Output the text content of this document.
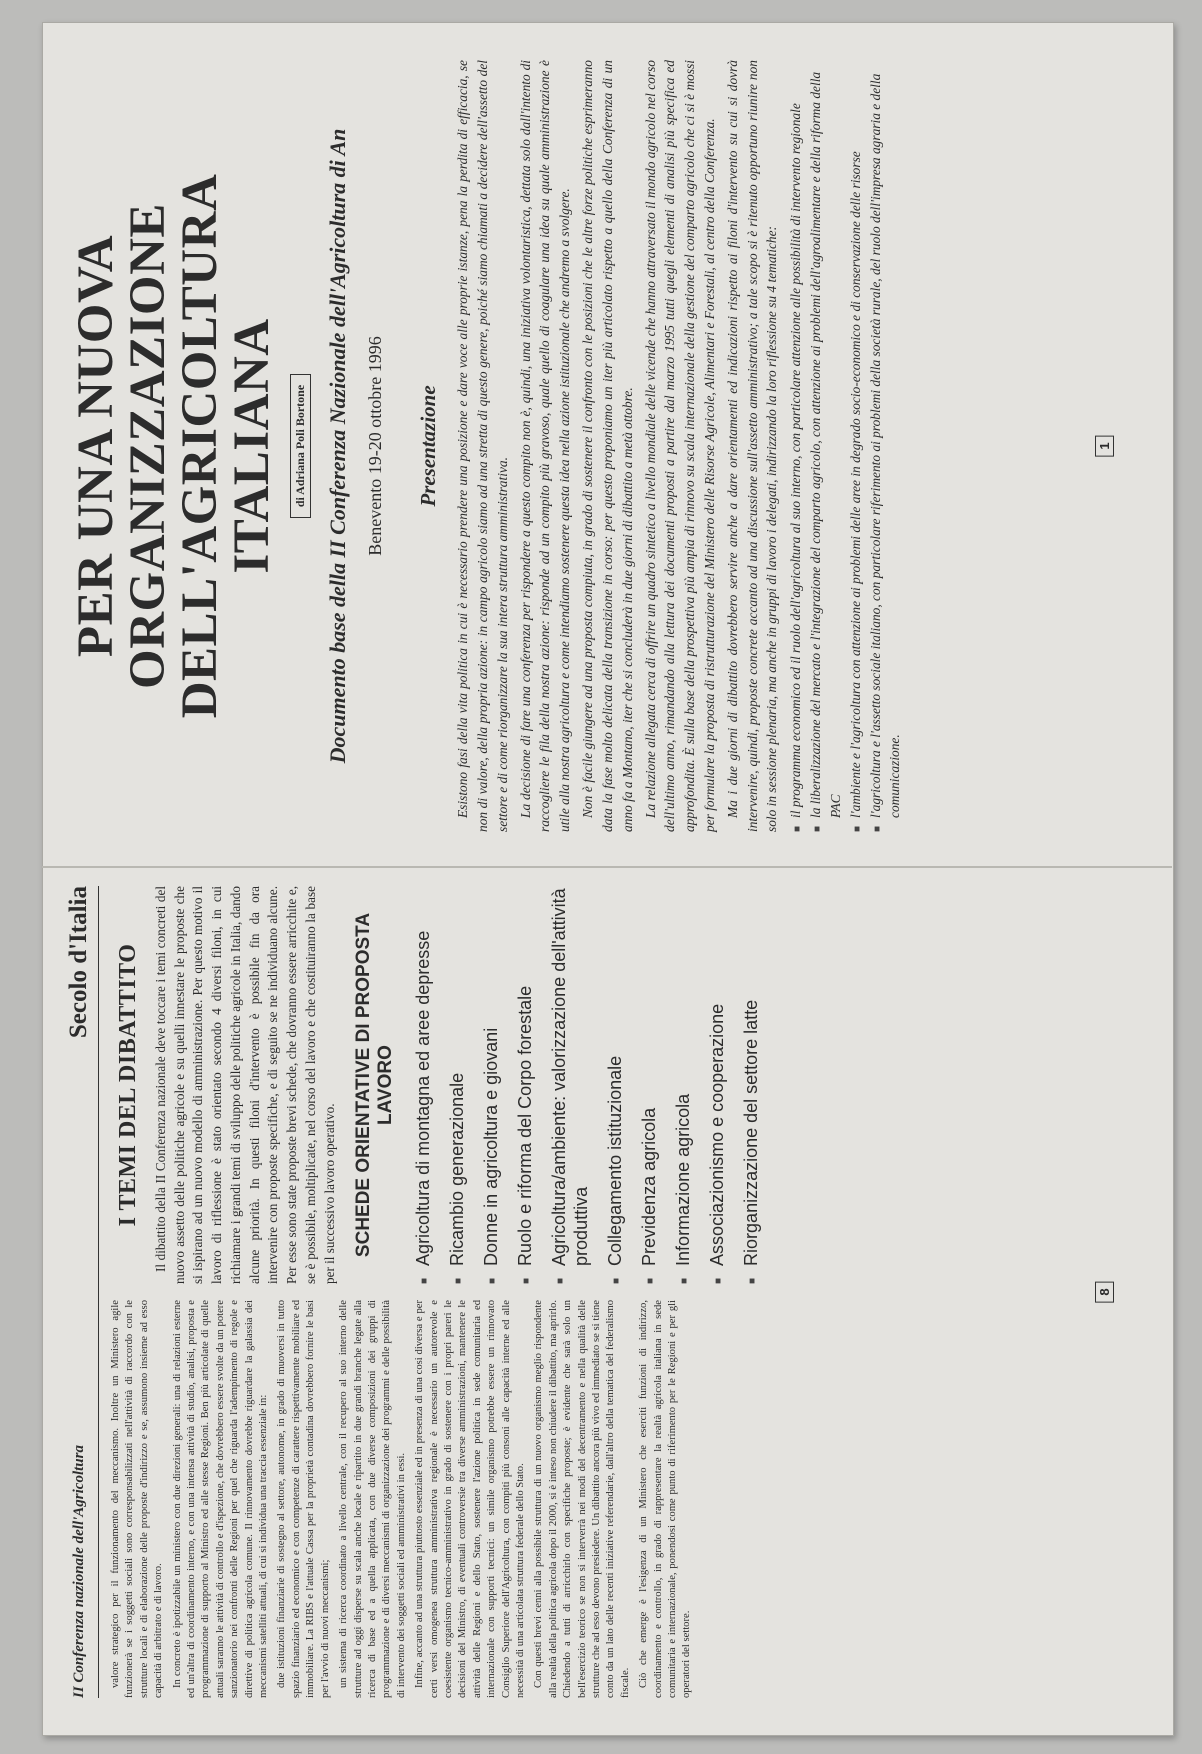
II Conferenza nazionale dell'Agricoltura
Secolo d'Italia

valore strategico per il funzionamento del meccanismo. Inoltre un Ministero agile funzionerà se i soggetti sociali sono corresponsabilizzati nell'attività di raccordo con le strutture locali e di elaborazione delle proposte d'indirizzo e se, assumono insieme ad esso capacità di arbitrato e di lavoro. In concreto è ipotizzabile un ministero con due direzioni generali: una di relazioni esterne ed un'altra di coordinamento interno, e con una intensa attività di studio, analisi, proposta e programmazione di supporto al Ministro ed alle stesse Regioni. Ben più articolate di quelle attuali saranno le attività di controllo e d'ispezione, che dovrebbero essere svolte da un potere sanzionatorio nei confronti delle Regioni per quel che riguarda l'adempimento di regole e direttive di politica agricola comune. Il rinnovamento dovrebbe riguardare la galassia dei meccanismi satelliti attuali, di cui si individua una traccia essenziale in: due istituzioni finanziarie di sostegno al settore, autonome, in grado di muoversi in tutto spazio finanziario ed economico e con competenze di carattere rispettivamente mobiliare ed immobiliare. La RIBS e l'attuale Cassa per la proprietà contadina dovrebbero fornire le basi per l'avvio di nuovi meccanismi; un sistema di ricerca coordinato a livello centrale, con il recupero al suo interno delle strutture ad oggi disperse su scala anche locale e ripartito in due grandi branche legate alla ricerca di base ed a quella applicata, con due diverse composizioni dei gruppi di programmazione e di diversi meccanismi di organizzazione dei programmi e delle possibilità di intervento dei soggetti sociali ed amministrativi in essi. Infine, accanto ad una struttura piuttosto essenziale ed in presenza di una cosi diversa e per certi versi omogenea struttura amministrativa regionale è necessario un autorevole e coesistente organismo tecnico-amministrativo in grado di sostenere con i propri pareri le decisioni del Ministro, di eventuali controversie tra diverse amministrazioni, mantenere le attività delle Regioni e dello Stato, sostenere l'azione politica in sede comunitaria ed internazionale con supporti tecnici: un simile organismo potrebbe essere un rinnovato Consiglio Superiore dell'Agricoltura, con compiti più consoni alle capacità interne ed alle necessità di una articolata struttura federale dello Stato. Con questi brevi cenni alla possibile struttura di un nuovo organismo meglio rispondente alla realtà della politica agricola dopo il 2000, si è inteso non chiudere il dibattito, ma aprirlo. Chiedendo a tutti di arricchirlo con specifiche proposte; è evidente che sarà solo un bell'esercizio teorico se non si interverrà nei modi del decentramento e nella qualità delle strutture che ad esso devono presiedere. Un dibattito ancora più vivo ed immediato se si tiene conto da un lato delle recenti iniziative referendarie, dall'altro della tematica del federalismo fiscale. Ciò che emerge è l'esigenza di un Ministero che eserciti funzioni di indirizzo, coordinamento e controllo, in grado di rappresentare la realtà agricola italiana in sede comunitaria e internazionale, ponendosi come punto di riferimento per le Regioni e per gli operatori del settore.

I TEMI DEL DIBATTITO Il dibattito della II Conferenza nazionale deve toccare i temi concreti del nuovo assetto delle politiche agricole e su quelli innestare le proposte che si ispirano ad un nuovo modello di amministrazione. Per questo motivo il lavoro di riflessione è stato orientato secondo 4 diversi filoni, in cui richiamare i grandi temi di sviluppo delle politiche agricole in Italia, dando alcune priorità. In questi filoni d'intervento è possibile fin da ora intervenire con proposte specifiche, e di seguito se ne individuano alcune. Per esse sono state proposte brevi schede, che dovranno essere arricchite e, se è possibile, moltiplicate, nel corso del lavoro e che costituiranno la base per il successivo lavoro operativo. SCHEDE ORIENTATIVE DI PROPOSTA LAVORO
■
Agricoltura di montagna ed aree depresse
■
Ricambio generazionale
■
Donne in agricoltura e giovani
■
Ruolo e riforma del Corpo forestale
■
Agricoltura/ambiente: valorizzazione dell'attività produttiva
■
Collegamento istituzionale
■
Previdenza agricola
■
Informazione agricola
■
Associazionismo e cooperazione
■
Riorganizzazione del settore latte
8
PER UNA NUOVA ORGANIZZAZIONE DELL'AGRICOLTURA ITALIANA di Adriana Poli Bortone Documento base della II Conferenza Nazionale dell'Agricoltura di An Benevento 19-20 ottobre 1996 Presentazione Esistono fasi della vita politica in cui è necessario prendere una posizione e dare voce alle proprie istanze, pena la perdita di efficacia, se non di valore, della propria azione: in campo agricolo siamo ad una stretta di questo genere, poiché siamo chiamati a decidere dell'assetto del settore e di come riorganizzare la sua intera struttura amministrativa. La decisione di fare una conferenza per rispondere a questo compito non è, quindi, una iniziativa volontaristica, dettata solo dall'intento di raccogliere le fila della nostra azione: risponde ad un compito più gravoso, quale quello di coagulare una idea su quale amministrazione è utile alla nostra agricoltura e come intendiamo sostenere questa idea nella azione istituzionale che andremo a svolgere. Non è facile giungere ad una proposta compiuta, in grado di sostenere il confronto con le posizioni che le altre forze politiche esprimeranno data la fase molto delicata della transizione in corso: per questo proponiamo un iter più articolato rispetto a quello della Conferenza di un anno fa a Montano, iter che si concluderà in due giorni di dibattito a metà ottobre. La relazione allegata cerca di offrire un quadro sintetico a livello mondiale delle vicende che hanno attraversato il mondo agricolo nel corso dell'ultimo anno, rimandando alla lettura dei documenti proposti a partire dal marzo 1995 tutti quegli elementi di analisi più specifica ed approfondita. È sulla base della prospettiva più ampia di rinnovo su scala internazionale della gestione del comparto agricolo che ci si è mossi per formulare la proposta di ristrutturazione del Ministero delle Risorse Agricole, Alimentari e Forestali, al centro della Conferenza. Ma i due giorni di dibattito dovrebbero servire anche a dare orientamenti ed indicazioni rispetto ai filoni d'intervento su cui si dovrà intervenire, quindi, proposte concrete accanto ad una discussione sull'assetto amministrativo; a tale scopo si è ritenuto opportuno riunire non solo in sessione plenaria, ma anche in gruppi di lavoro i delegati, indirizzando la loro riflessione su 4 tematiche: ■
il programma economico ed il ruolo dell'agricoltura al suo interno, con particolare attenzione alle possibilità di intervento regionale
■
la liberalizzazione del mercato e l'integrazione del comparto agricolo, con attenzione ai problemi dell'agroalimentare e della riforma della PAC
■
l'ambiente e l'agricoltura con attenzione ai problemi delle aree in degrado socio-economico e di conservazione delle risorse
■
l'agricoltura e l'assetto sociale italiano, con particolare riferimento ai problemi della società rurale, del ruolo dell'impresa agraria e della comunicazione.
1
